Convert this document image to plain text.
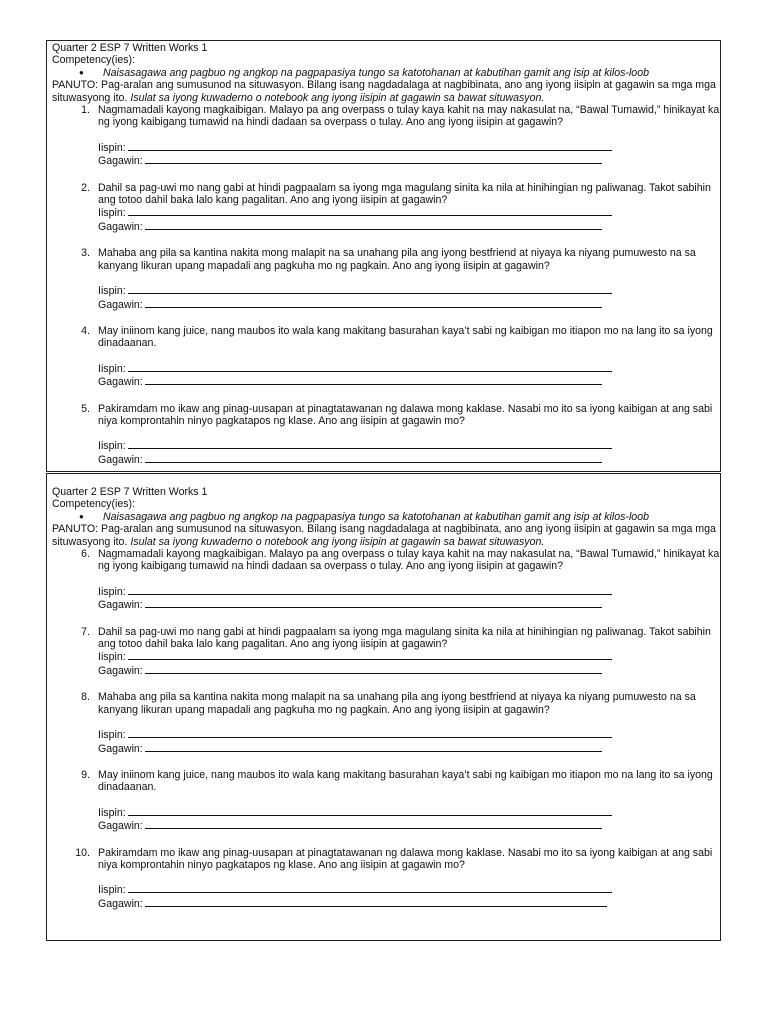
Quarter 2 ESP 7 Written Works 1
Competency(ies):
● Naisasagawa ang pagbuo ng angkop na pagpapasiya tungo sa katotohanan at kabutihan gamit ang isip at kilos-loob
PANUTO: Pag-aralan ang sumusunod na situwasyon. Bilang isang nagdadalaga at nagbibinata, ano ang iyong iisipin at gagawin sa mga mga
situwasyong ito. Isulat sa iyong kuwaderno o notebook ang iyong iisipin at gagawin sa bawat situwasyon.
1. Nagmamadali kayong magkaibigan. Malayo pa ang overpass o tulay kaya kahit na may nakasulat na, “Bawal Tumawid,” hinikayat ka
ng iyong kaibigang tumawid na hindi dadaan sa overpass o tulay. Ano ang iyong iisipin at gagawin?
Iispin:
Gagawin:
2. Dahil sa pag-uwi mo nang gabi at hindi pagpaalam sa iyong mga magulang sinita ka nila at hinihingian ng paliwanag. Takot sabihin
ang totoo dahil baka lalo kang pagalitan. Ano ang iyong iisipin at gagawin?
Iispin:
Gagawin:
3. Mahaba ang pila sa kantina nakita mong malapit na sa unahang pila ang iyong bestfriend at niyaya ka niyang pumuwesto na sa
kanyang likuran upang mapadali ang pagkuha mo ng pagkain. Ano ang iyong iisipin at gagawin?
Iispin:
Gagawin:
4. May iniinom kang juice, nang maubos ito wala kang makitang basurahan kaya’t sabi ng kaibigan mo itiapon mo na lang ito sa iyong
dinadaanan.
Iispin:
Gagawin:
5. Pakiramdam mo ikaw ang pinag-uusapan at pinagtatawanan ng dalawa mong kaklase. Nasabi mo ito sa iyong kaibigan at ang sabi
niya komprontahin ninyo pagkatapos ng klase. Ano ang iisipin at gagawin mo?
Iispin:
Gagawin:
Quarter 2 ESP 7 Written Works 1
Competency(ies):
● Naisasagawa ang pagbuo ng angkop na pagpapasiya tungo sa katotohanan at kabutihan gamit ang isip at kilos-loob
PANUTO: Pag-aralan ang sumusunod na situwasyon. Bilang isang nagdadalaga at nagbibinata, ano ang iyong iisipin at gagawin sa mga mga
situwasyong ito. Isulat sa iyong kuwaderno o notebook ang iyong iisipin at gagawin sa bawat situwasyon.
6. Nagmamadali kayong magkaibigan. Malayo pa ang overpass o tulay kaya kahit na may nakasulat na, “Bawal Tumawid,” hinikayat ka
ng iyong kaibigang tumawid na hindi dadaan sa overpass o tulay. Ano ang iyong iisipin at gagawin?
Iispin:
Gagawin:
7. Dahil sa pag-uwi mo nang gabi at hindi pagpaalam sa iyong mga magulang sinita ka nila at hinihingian ng paliwanag. Takot sabihin
ang totoo dahil baka lalo kang pagalitan. Ano ang iyong iisipin at gagawin?
Iispin:
Gagawin:
8. Mahaba ang pila sa kantina nakita mong malapit na sa unahang pila ang iyong bestfriend at niyaya ka niyang pumuwesto na sa
kanyang likuran upang mapadali ang pagkuha mo ng pagkain. Ano ang iyong iisipin at gagawin?
Iispin:
Gagawin:
9. May iniinom kang juice, nang maubos ito wala kang makitang basurahan kaya’t sabi ng kaibigan mo itiapon mo na lang ito sa iyong
dinadaanan.
Iispin:
Gagawin:
10. Pakiramdam mo ikaw ang pinag-uusapan at pinagtatawanan ng dalawa mong kaklase. Nasabi mo ito sa iyong kaibigan at ang sabi
niya komprontahin ninyo pagkatapos ng klase. Ano ang iisipin at gagawin mo?
Iispin:
Gagawin:
